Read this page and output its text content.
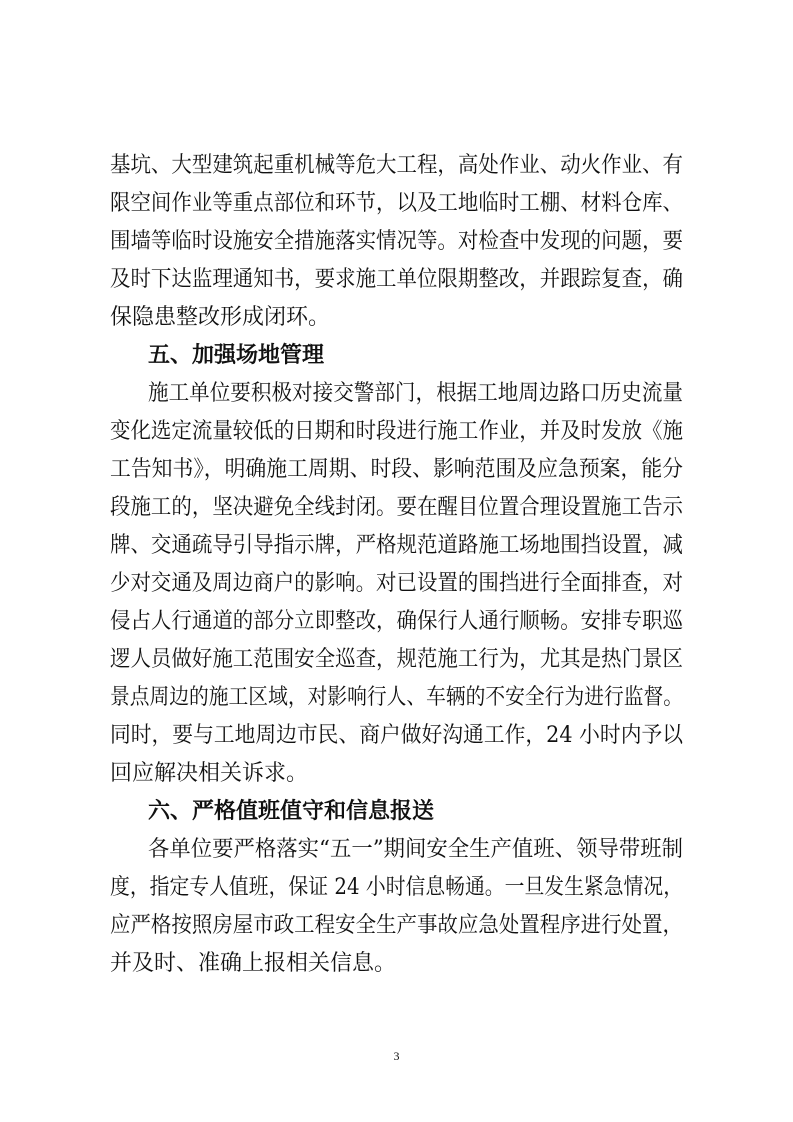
基坑、大型建筑起重机械等危大工程，高处作业、动火作业、有
限空间作业等重点部位和环节，以及工地临时工棚、材料仓库、
围墙等临时设施安全措施落实情况等。对检查中发现的问题，要
及时下达监理通知书，要求施工单位限期整改，并跟踪复查，确
保隐患整改形成闭环。
五、加强场地管理
施工单位要积极对接交警部门，根据工地周边路口历史流量
变化选定流量较低的日期和时段进行施工作业，并及时发放《施
工告知书》，明确施工周期、时段、影响范围及应急预案，能分
段施工的，坚决避免全线封闭。要在醒目位置合理设置施工告示
牌、交通疏导引导指示牌，严格规范道路施工场地围挡设置，减
少对交通及周边商户的影响。对已设置的围挡进行全面排查，对
侵占人行通道的部分立即整改，确保行人通行顺畅。安排专职巡
逻人员做好施工范围安全巡查，规范施工行为，尤其是热门景区
景点周边的施工区域，对影响行人、车辆的不安全行为进行监督。
同时，要与工地周边市民、商户做好沟通工作，24 小时内予以
回应解决相关诉求。
六、严格值班值守和信息报送
各单位要严格落实“五一”期间安全生产值班、领导带班制
度，指定专人值班，保证 24 小时信息畅通。一旦发生紧急情况，
应严格按照房屋市政工程安全生产事故应急处置程序进行处置，
并及时、准确上报相关信息。
3
